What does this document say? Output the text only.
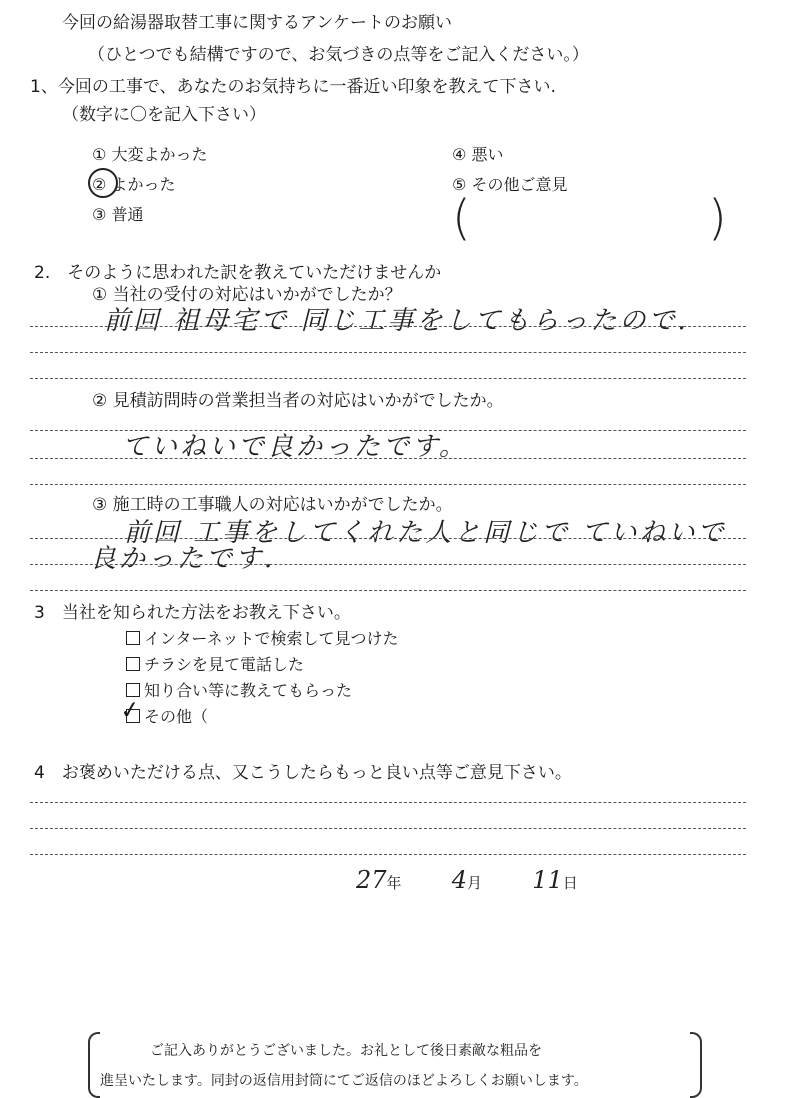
今回の給湯器取替工事に関するアンケートのお願い
（ひとつでも結構ですので、お気づきの点等をご記入ください。）
1、今回の工事で、あなたのお気持ちに一番近い印象を教えて下さい.
（数字に〇を記入下さい）
① 大変よかった
② よかった
③ 普通
④ 悪い
⑤ その他ご意見
(	)
2.　そのように思われた訳を教えていただけませんか
① 当社の受付の対応はいかがでしたか？
前回 祖母宅で 同じ工事をしてもらったので.
② 見積訪問時の営業担当者の対応はいかがでしたか。
ていねいで良かったです。
③ 施工時の工事職人の対応はいかがでしたか。
前回 工事をしてくれた人と同じで ていねいで
良かったです.
3　当社を知られた方法をお教え下さい。
インターネットで検索して見つけた
チラシを見て電話した
知り合い等に教えてもらった
その他（
✓
4　お褒めいただける点、又こうしたらもっと良い点等ご意見下さい。
27年 4月 11日
ご記入ありがとうございました。お礼として後日素敵な粗品を
進呈いたします。同封の返信用封筒にてご返信のほどよろしくお願いします。
